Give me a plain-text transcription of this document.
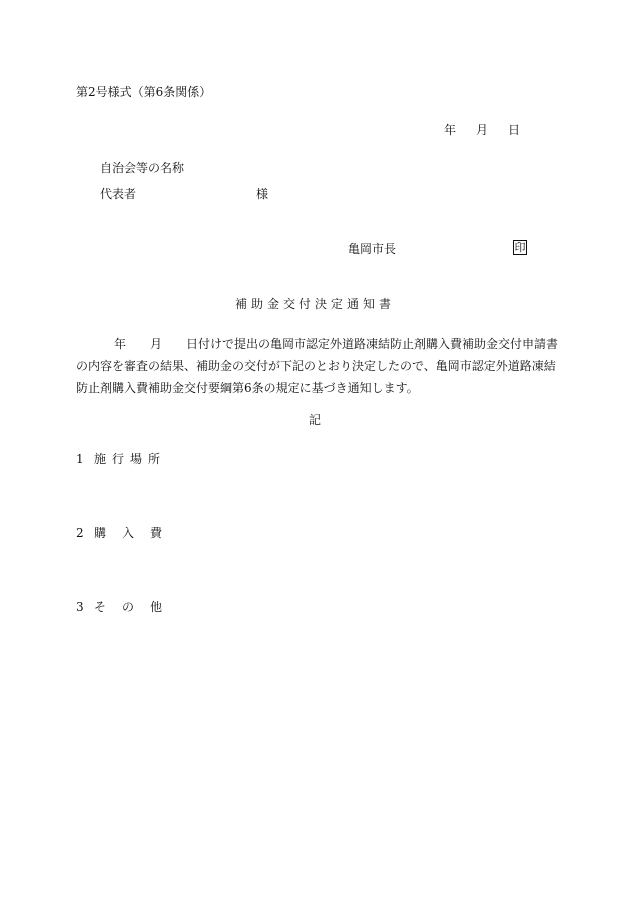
第2号様式（第6条関係）
年 月 日
自治会等の名称
代表者	様
亀岡市長	印
補助金交付決定通知書
年 月 日付けで提出の亀岡市認定外道路凍結防止剤購入費補助金交付申請書
の内容を審査の結果、補助金の交付が下記のとおり決定したので、亀岡市認定外道路凍結
防止剤購入費補助金交付要綱第6条の規定に基づき通知します。
記
1 施行場所
2 購入費
3 その他
